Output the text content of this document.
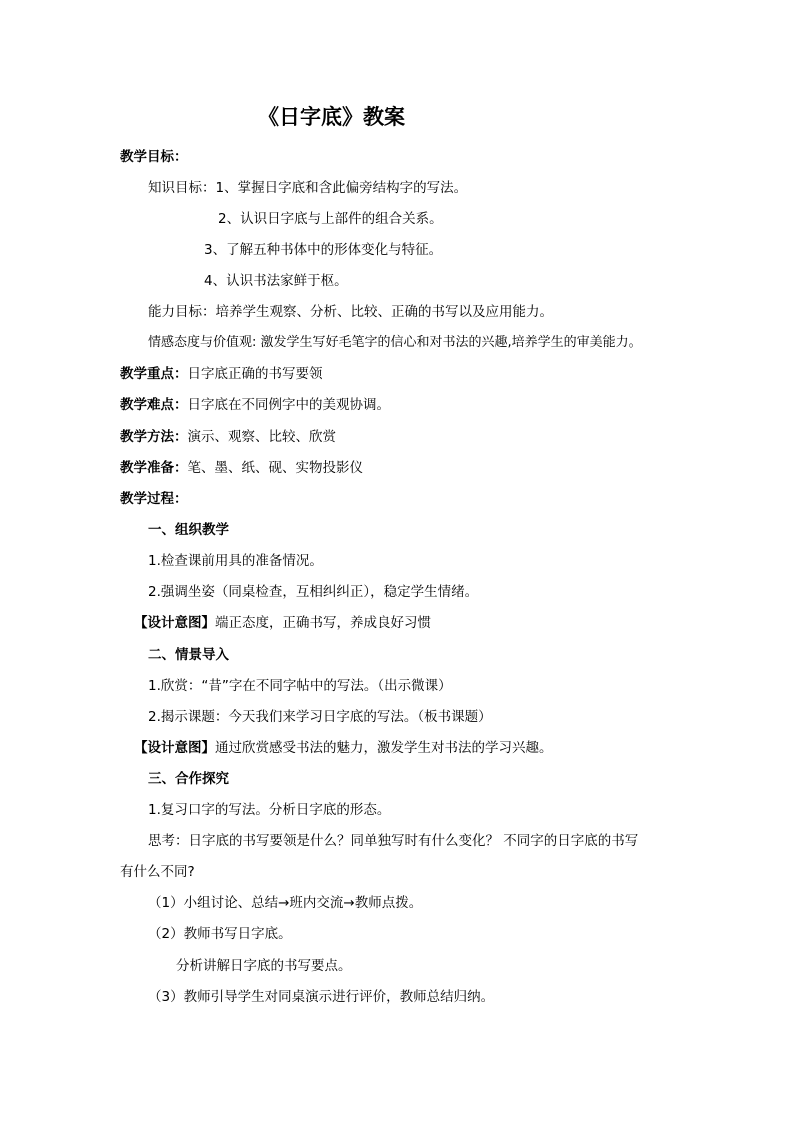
《日字底》教案
教学目标：
知识目标：1、掌握日字底和含此偏旁结构字的写法。
2、认识日字底与上部件的组合关系。
3、了解五种书体中的形体变化与特征。
4、认识书法家鲜于枢。
能力目标：培养学生观察、分析、比较、正确的书写以及应用能力。
情感态度与价值观: 激发学生写好毛笔字的信心和对书法的兴趣,培养学生的审美能力。
教学重点：日字底正确的书写要领
教学难点：日字底在不同例字中的美观协调。
教学方法：演示、观察、比较、欣赏
教学准备：笔、墨、纸、砚、实物投影仪
教学过程：
一、组织教学
1.检查课前用具的准备情况。
2.强调坐姿（同桌检查，互相纠纠正），稳定学生情绪。
【设计意图】端正态度，正确书写，养成良好习惯
二、情景导入
1.欣赏：“昔”字在不同字帖中的写法。（出示微课）
2.揭示课题：今天我们来学习日字底的写法。（板书课题）
【设计意图】通过欣赏感受书法的魅力，激发学生对书法的学习兴趣。
三、合作探究
1.复习口字的写法。分析日字底的形态。
思考：日字底的书写要领是什么？同单独写时有什么变化？ 不同字的日字底的书写
有什么不同?
（1）小组讨论、总结→班内交流→教师点拨。
（2）教师书写日字底。
分析讲解日字底的书写要点。
（3）教师引导学生对同桌演示进行评价，教师总结归纳。
